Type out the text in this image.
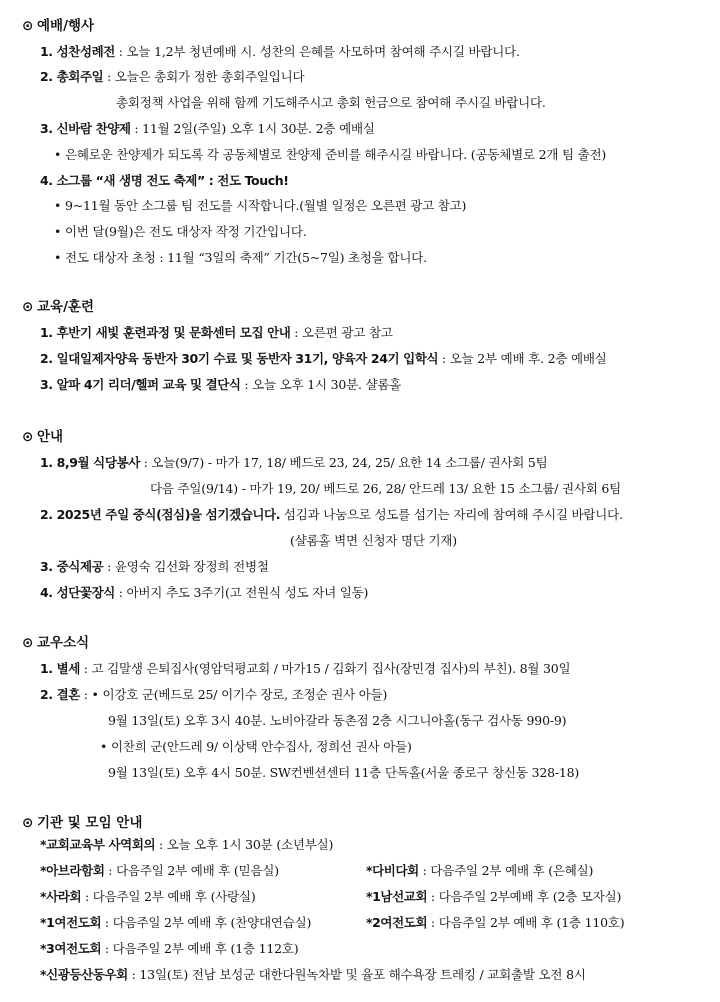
⊙ 예배/행사
1. 성찬성례전 : 오늘 1,2부 청년예배 시. 성찬의 은혜를 사모하며 참여해 주시길 바랍니다.
2. 총회주일 : 오늘은 총회가 정한 총회주일입니다
총회정책 사업을 위해 함께 기도해주시고 총회 헌금으로 참여해 주시길 바랍니다.
3. 신바람 찬양제 : 11월 2일(주일) 오후 1시 30분. 2층 예배실
• 은혜로운 찬양제가 되도록 각 공동체별로 찬양제 준비를 해주시길 바랍니다. (공동체별로 2개 팀 출전)
4. 소그룹 “새 생명 전도 축제” : 전도 Touch!
• 9~11월 동안 소그룹 팀 전도를 시작합니다.(월별 일정은 오른편 광고 참고)
• 이번 달(9월)은 전도 대상자 작정 기간입니다.
• 전도 대상자 초청 : 11월 “3일의 축제” 기간(5~7일) 초청을 합니다.
⊙ 교육/훈련
1. 후반기 새빛 훈련과정 및 문화센터 모집 안내 : 오른편 광고 참고
2. 일대일제자양육 동반자 30기 수료 및 동반자 31기, 양육자 24기 입학식 : 오늘 2부 예배 후. 2층 예배실
3. 알파 4기 리더/헬퍼 교육 및 결단식 : 오늘 오후 1시 30분. 샬롬홀
⊙ 안내
1. 8,9월 식당봉사 : 오늘(9/7) - 마가 17, 18/ 베드로 23, 24, 25/ 요한 14 소그룹/ 권사회 5팀
다음 주일(9/14) - 마가 19, 20/ 베드로 26, 28/ 안드레 13/ 요한 15 소그룹/ 권사회 6팀
2. 2025년 주일 중식(점심)을 섬기겠습니다. 섬김과 나눔으로 성도를 섬기는 자리에 참여해 주시길 바랍니다.
(샬롬홀 벽면 신청자 명단 기재)
3. 중식제공 : 윤영숙 김선화 장정희 전병철
4. 성단꽃장식 : 아버지 추도 3주기(고 전원식 성도 자녀 일동)
⊙ 교우소식
1. 별세 : 고 김말생 은퇴집사(영암덕평교회 / 마가15 / 김화기 집사(장민경 집사)의 부친). 8월 30일
2. 결혼 : • 이강호 군(베드로 25/ 이기수 장로, 조정순 권사 아들)
9월 13일(토) 오후 3시 40분. 노비아갈라 동촌점 2층 시그니아홀(동구 검사동 990-9)
• 이찬희 군(안드레 9/ 이상택 안수집사, 정희선 권사 아들)
9월 13일(토) 오후 4시 50분. SW컨벤션센터 11층 단독홀(서울 종로구 창신동 328-18)
⊙ 기관 및 모임 안내
*교회교육부 사역회의 : 오늘 오후 1시 30분 (소년부실)
*아브라함회 : 다음주일 2부 예배 후 (믿음실)	*다비다회 : 다음주일 2부 예배 후 (은혜실)
*사라회 : 다음주일 2부 예배 후 (사랑실)	*1남선교회 : 다음주일 2부예배 후 (2층 모자실)
*1여전도회 : 다음주일 2부 예배 후 (찬양대연습실)	*2여전도회 : 다음주일 2부 예배 후 (1층 110호)
*3여전도회 : 다음주일 2부 예배 후 (1층 112호)
*신광등산동우회 : 13일(토) 전남 보성군 대한다원녹차밭 및 율포 해수욕장 트레킹 / 교회출발 오전 8시
